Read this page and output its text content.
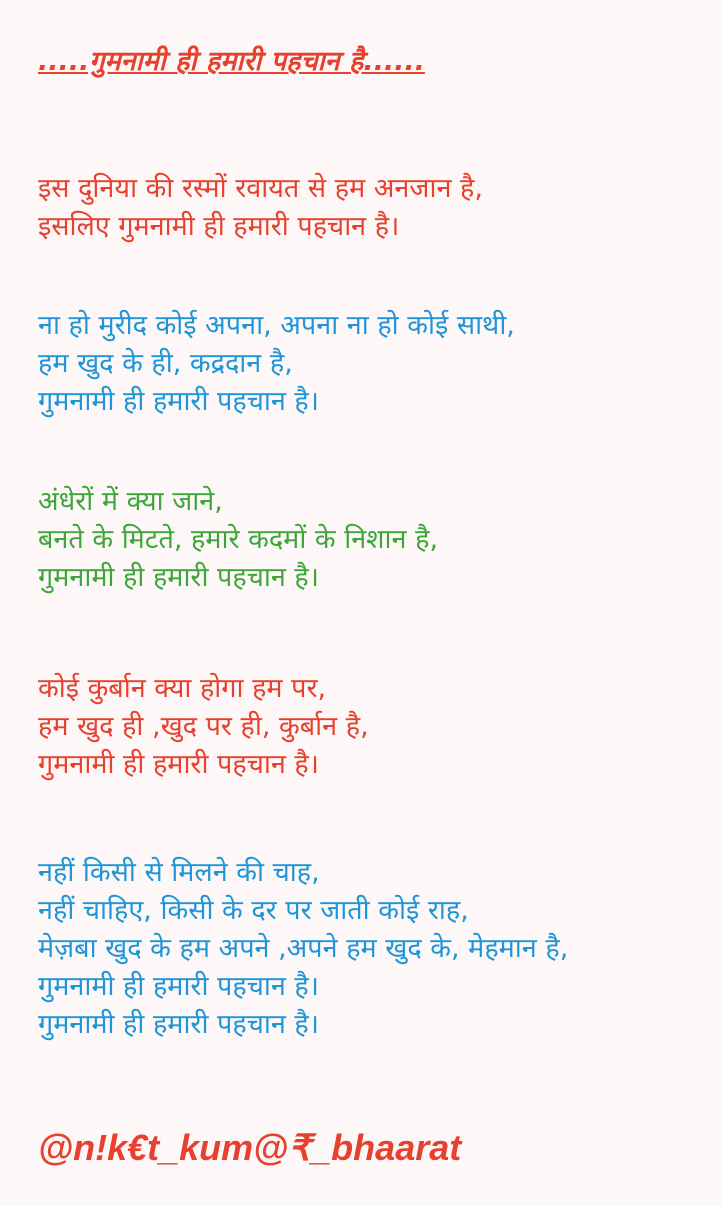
.....गुमनामी ही हमारी पहचान है......
इस दुनिया की रस्मों रवायत से हम अनजान है,
इसलिए गुमनामी ही हमारी पहचान है।
ना हो मुरीद कोई अपना, अपना ना हो कोई साथी,
हम खुद के ही, कद्रदान है,
गुमनामी ही हमारी पहचान है।
अंधेरों में क्या जाने,
बनते के मिटते, हमारे कदमों के निशान है,
गुमनामी ही हमारी पहचान है।
कोई कुर्बान क्या होगा हम पर,
हम खुद ही ,खुद पर ही, कुर्बान है,
गुमनामी ही हमारी पहचान है।
नहीं किसी से मिलने की चाह,
नहीं चाहिए, किसी के दर पर जाती कोई राह,
मेज़बा खुद के हम अपने ,अपने हम खुद के, मेहमान है,
गुमनामी ही हमारी पहचान है।
गुमनामी ही हमारी पहचान है।
@n!k€t_kum@₹_bhaarat
